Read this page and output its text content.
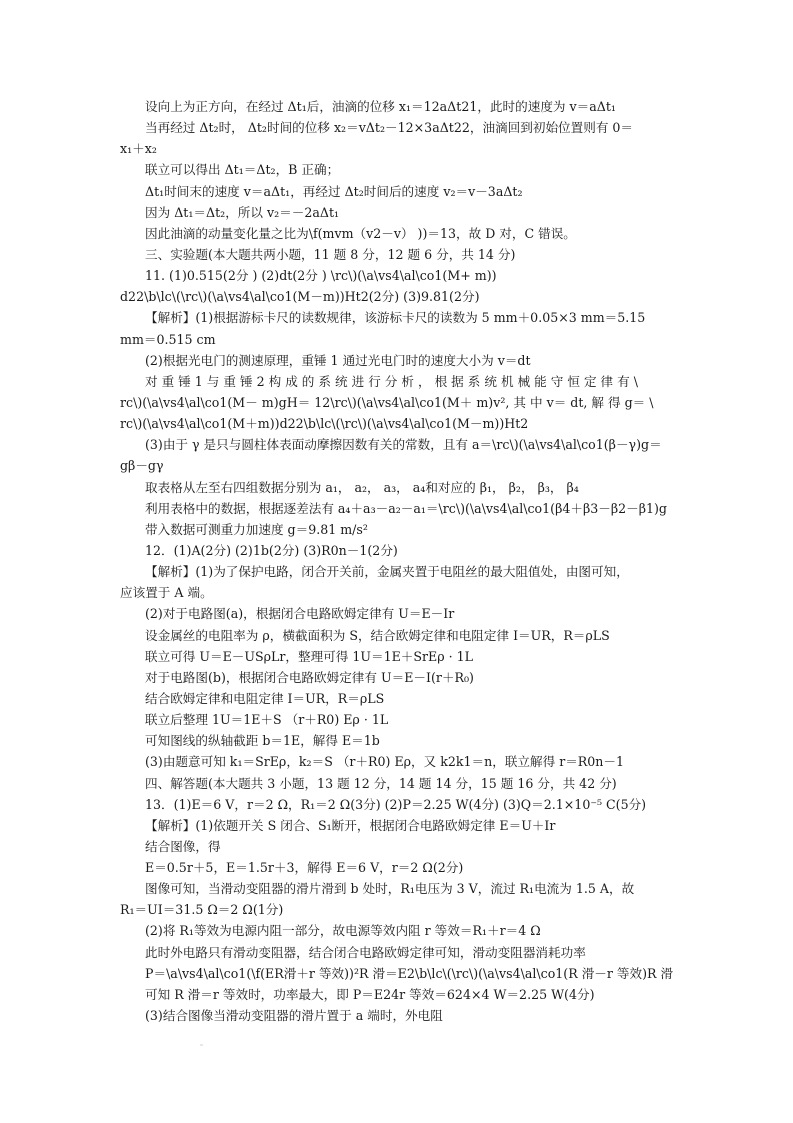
设向上为正方向，在经过 Δt₁后，油滴的位移 x₁＝12aΔt21，此时的速度为 v＝aΔt₁
当再经过 Δt₂时， Δt₂时间的位移 x₂＝vΔt₂－12×3aΔt22，油滴回到初始位置则有 0＝
x₁＋x₂
联立可以得出 Δt₁＝Δt₂，B 正确；
Δt₁时间末的速度 v＝aΔt₁，再经过 Δt₂时间后的速度 v₂＝v－3aΔt₂
因为 Δt₁＝Δt₂，所以 v₂＝－2aΔt₁
因此油滴的动量变化量之比为\f(mvm（v2－v） ))＝13，故 D 对，C 错误。
三、实验题(本大题共两小题，11 题 8 分，12 题 6 分，共 14 分)
11. (1)0.515(2分 ) (2)dt(2分 ) \rc\)(\a\vs4\al\co1(M+ m))
d22\b\lc\(\rc\)(\a\vs4\al\co1(M－m))Ht2(2分) (3)9.81(2分)
【解析】(1)根据游标卡尺的读数规律，该游标卡尺的读数为 5 mm＋0.05×3 mm＝5.15
mm＝0.515 cm
(2)根据光电门的测速原理，重锤 1 通过光电门时的速度大小为 v＝dt
对 重 锤 1 与 重 锤 2 构 成 的 系 统 进 行 分 析 ， 根 据 系 统 机 械 能 守 恒 定 律 有 \
rc\)(\a\vs4\al\co1(M－ m)gH＝ 12\rc\)(\a\vs4\al\co1(M＋ m)v², 其 中 v＝ dt, 解 得 g＝ \
rc\)(\a\vs4\al\co1(M＋m))d22\b\lc\(\rc\)(\a\vs4\al\co1(M－m))Ht2
(3)由于 γ 是只与圆柱体表面动摩擦因数有关的常数，且有 a＝\rc\)(\a\vs4\al\co1(β－γ)g＝
gβ－gγ
取表格从左至右四组数据分别为 a₁， a₂， a₃， a₄和对应的 β₁， β₂， β₃， β₄
利用表格中的数据，根据逐差法有 a₄＋a₃－a₂－a₁＝\rc\)(\a\vs4\al\co1(β4＋β3－β2－β1)g
带入数据可测重力加速度 g＝9.81 m/s²
12．(1)A(2分) (2)1b(2分) (3)R0n－1(2分)
【解析】(1)为了保护电路，闭合开关前，金属夹置于电阻丝的最大阻值处，由图可知，
应该置于 A 端。
(2)对于电路图(a)，根据闭合电路欧姆定律有 U＝E－Ir
设金属丝的电阻率为 ρ，横截面积为 S，结合欧姆定律和电阻定律 I＝UR，R＝ρLS
联立可得 U＝E－USρLr，整理可得 1U＝1E＋SrEρ · 1L
对于电路图(b)，根据闭合电路欧姆定律有 U＝E－I(r＋R₀)
结合欧姆定律和电阻定律 I＝UR，R＝ρLS
联立后整理 1U＝1E＋S （r＋R0) Eρ · 1L
可知图线的纵轴截距 b＝1E，解得 E＝1b
(3)由题意可知 k₁＝SrEρ，k₂＝S （r＋R0) Eρ，又 k2k1＝n，联立解得 r＝R0n－1
四、解答题(本大题共 3 小题，13 题 12 分，14 题 14 分，15 题 16 分，共 42 分)
13．(1)E＝6 V，r＝2 Ω，R₁＝2 Ω(3分) (2)P＝2.25 W(4分) (3)Q＝2.1×10⁻⁵ C(5分)
【解析】(1)依题开关 S 闭合、S₁断开，根据闭合电路欧姆定律 E＝U＋Ir
结合图像，得
E＝0.5r＋5，E＝1.5r＋3，解得 E＝6 V，r＝2 Ω(2分)
图像可知，当滑动变阻器的滑片滑到 b 处时，R₁电压为 3 V，流过 R₁电流为 1.5 A，故
R₁＝UI＝31.5 Ω＝2 Ω(1分)
(2)将 R₁等效为电源内阻一部分，故电源等效内阻 r 等效＝R₁＋r＝4 Ω
此时外电路只有滑动变阻器，结合闭合电路欧姆定律可知，滑动变阻器消耗功率
P＝\a\vs4\al\co1(\f(ER滑＋r 等效))²R 滑＝E2\b\lc\(\rc\)(\a\vs4\al\co1(R 滑－r 等效)R 滑
可知 R 滑＝r 等效时，功率最大，即 P＝E24r 等效＝624×4 W＝2.25 W(4分)
(3)结合图像当滑动变阻器的滑片置于 a 端时，外电阻
